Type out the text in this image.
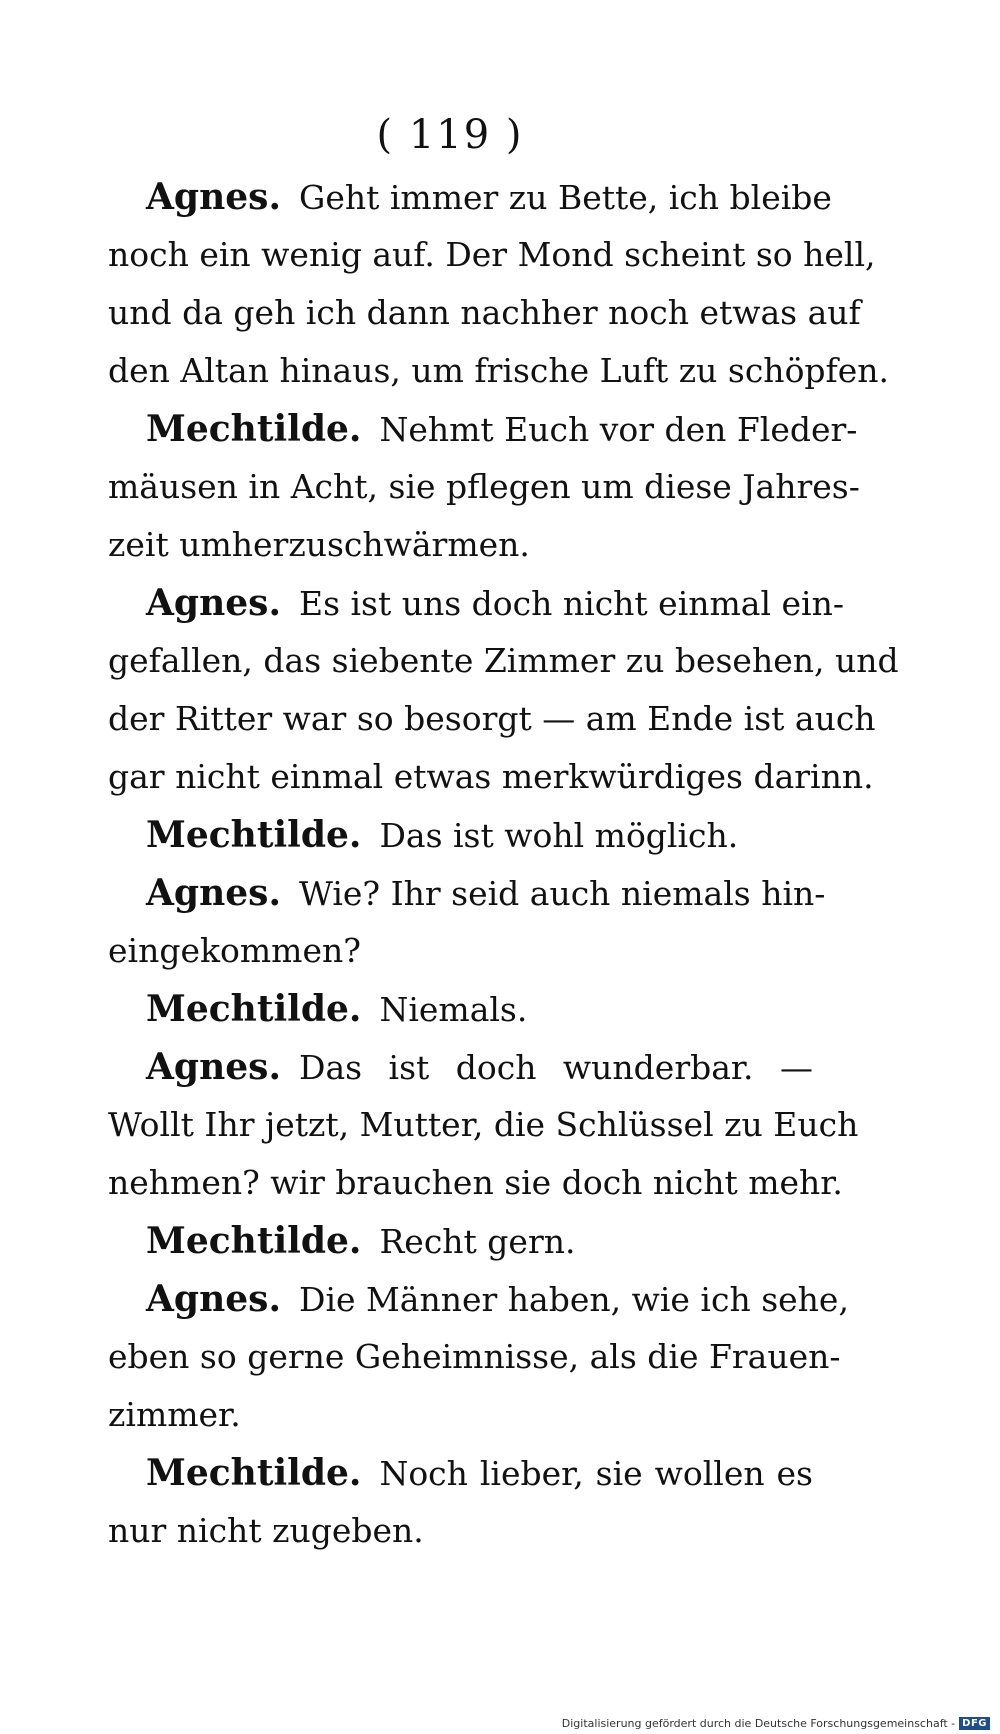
( 119 )
Agnes. Geht immer zu Bette, ich bleibe
noch ein wenig auf. Der Mond scheint so hell,
und da geh ich dann nachher noch etwas auf
den Altan hinaus, um frische Luft zu schöpfen.
Mechtilde. Nehmt Euch vor den Fleder-
mäusen in Acht, sie pflegen um diese Jahres-
zeit umherzuschwärmen.
Agnes. Es ist uns doch nicht einmal ein-
gefallen, das siebente Zimmer zu besehen, und
der Ritter war so besorgt — am Ende ist auch
gar nicht einmal etwas merkwürdiges darinn.
Mechtilde. Das ist wohl möglich.
Agnes. Wie? Ihr seid auch niemals hin-
eingekommen?
Mechtilde. Niemals.
Agnes. Das ist doch wunderbar. —
Wollt Ihr jetzt, Mutter, die Schlüssel zu Euch
nehmen? wir brauchen sie doch nicht mehr.
Mechtilde. Recht gern.
Agnes. Die Männer haben, wie ich sehe,
eben so gerne Geheimnisse, als die Frauen-
zimmer.
Mechtilde. Noch lieber, sie wollen es
nur nicht zugeben.
Digitalisierung gefördert durch die Deutsche Forschungsgemeinschaft - DFG
